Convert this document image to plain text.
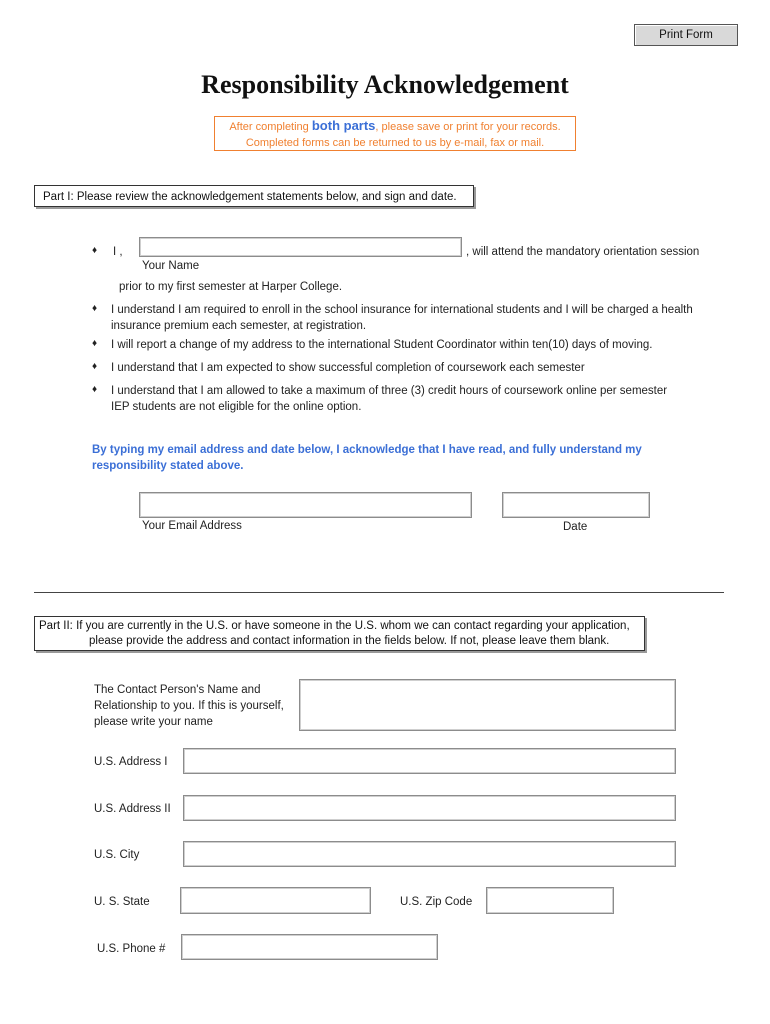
Print Form
Responsibility Acknowledgement
After completing both parts, please save or print for your records.
Completed forms can be returned to us by e-mail, fax or mail.
Part I: Please review the acknowledgement statements below, and sign and date.
♦ I ,	, will attend the mandatory orientation session
Your Name
prior to my first semester at Harper College.
♦ I understand I am required to enroll in the school insurance for international students and I will be charged a health
insurance premium each semester, at registration.
♦ I will report a change of my address to the international Student Coordinator within ten(10) days of moving.
♦ I understand that I am expected to show successful completion of coursework each semester
♦ I understand that I am allowed to take a maximum of three (3) credit hours of coursework online per semester
IEP students are not eligible for the online option.
By typing my email address and date below, I acknowledge that I have read, and fully understand my
responsibility stated above.
Your Email Address	Date
Part II: If you are currently in the U.S. or have someone in the U.S. whom we can contact regarding your application,
please provide the address and contact information in the fields below. If not, please leave them blank.
The Contact Person's Name and
Relationship to you. If this is yourself,
please write your name
U.S. Address I
U.S. Address II
U.S. City
U. S. State	U.S. Zip Code
U.S. Phone #
